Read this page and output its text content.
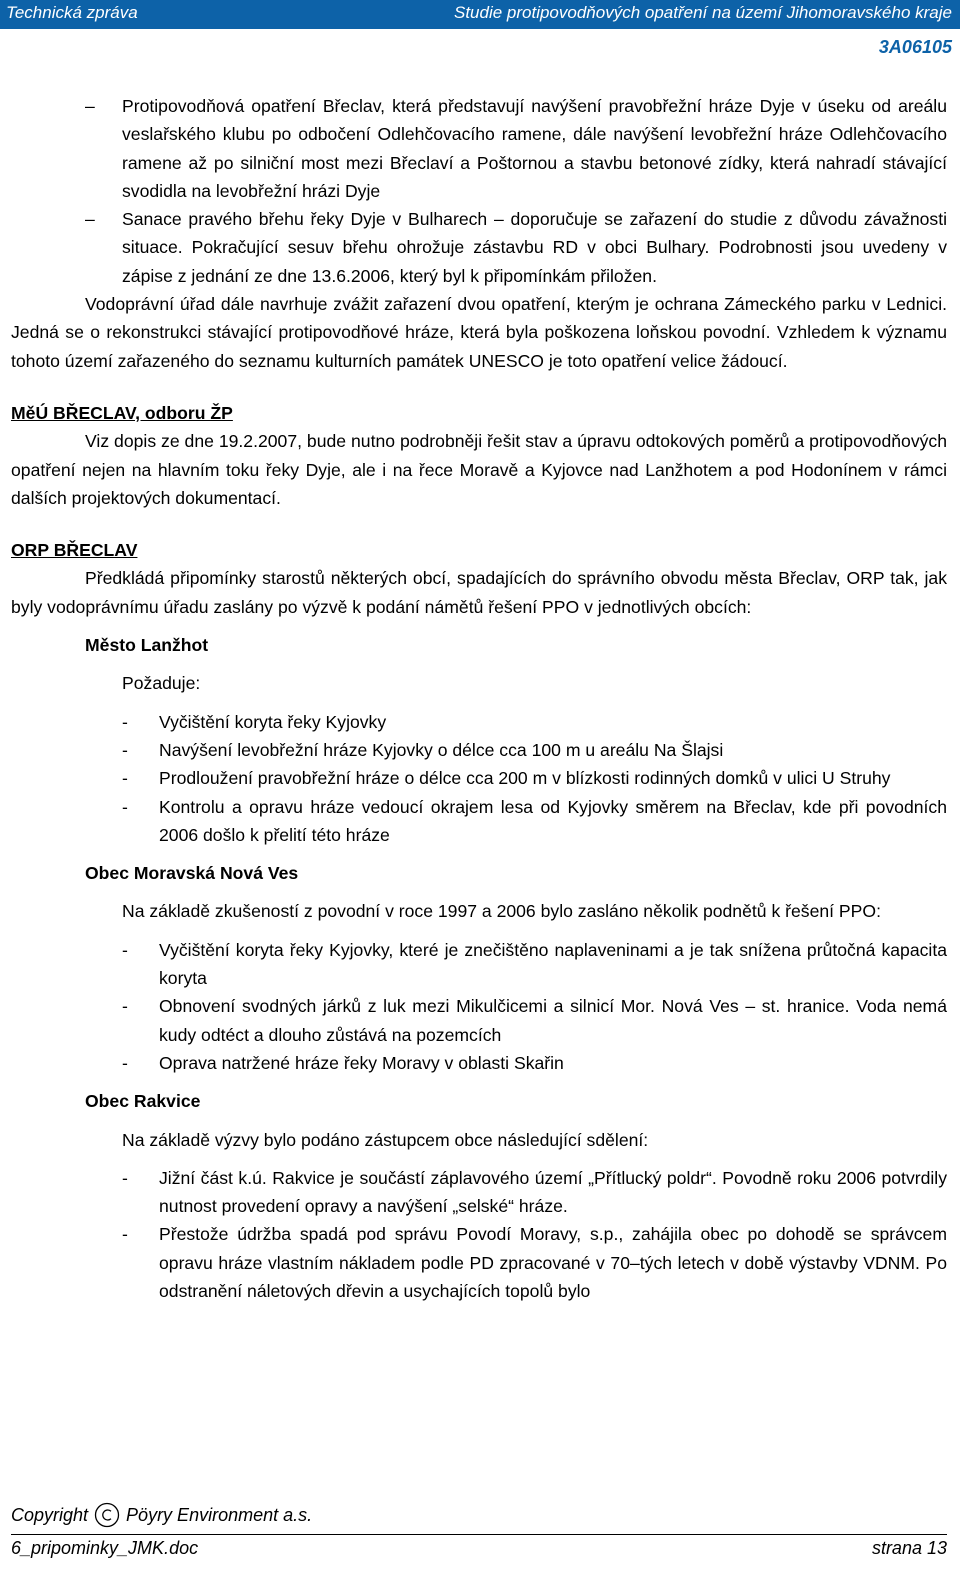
Technická zpráva	Studie protipovodňových opatření na území Jihomoravského kraje
3A06105
– Protipovodňová opatření Břeclav, která představují navýšení pravobřežní hráze Dyje v úseku od areálu veslařského klubu po odbočení Odlehčovacího ramene, dále navýšení levobřežní hráze Odlehčovacího ramene až po silniční most mezi Břeclaví a Poštornou a stavbu betonové zídky, která nahradí stávající svodidla na levobřežní hrázi Dyje
– Sanace pravého břehu řeky Dyje v Bulharech – doporučuje se zařazení do studie z důvodu závažnosti situace. Pokračující sesuv břehu ohrožuje zástavbu RD v obci Bulhary. Podrobnosti jsou uvedeny v zápise z jednání ze dne 13.6.2006, který byl k připomínkám přiložen.
Vodoprávní úřad dále navrhuje zvážit zařazení dvou opatření, kterým je ochrana Zámeckého parku v Lednici. Jedná se o rekonstrukci stávající protipovodňové hráze, která byla poškozena loňskou povodní. Vzhledem k významu tohoto území zařazeného do seznamu kulturních památek UNESCO je toto opatření velice žádoucí.
MěÚ BŘECLAV, odboru ŽP
Viz dopis ze dne 19.2.2007, bude nutno podrobněji řešit stav a úpravu odtokových poměrů a protipovodňových opatření nejen na hlavním toku řeky Dyje, ale i na řece Moravě a Kyjovce nad Lanžhotem a pod Hodonínem v rámci dalších projektových dokumentací.
ORP BŘECLAV
Předkládá připomínky starostů některých obcí, spadajících do správního obvodu města Břeclav, ORP tak, jak byly vodoprávnímu úřadu zaslány po výzvě k podání námětů řešení PPO v jednotlivých obcích:
Město Lanžhot
Požaduje:
- Vyčištění koryta řeky Kyjovky
- Navýšení levobřežní hráze Kyjovky o délce cca 100 m u areálu Na Šlajsi
- Prodloužení pravobřežní hráze o délce cca 200 m v blízkosti rodinných domků v ulici U Struhy
- Kontrolu a opravu hráze vedoucí okrajem lesa od Kyjovky směrem na Břeclav, kde při povodních 2006 došlo k přelití této hráze
Obec Moravská Nová Ves
Na základě zkušeností z povodní v roce 1997 a 2006 bylo zasláno několik podnětů k řešení PPO:
- Vyčištění koryta řeky Kyjovky, které je znečištěno naplaveninami a je tak snížena průtočná kapacita koryta
- Obnovení svodných járků z luk mezi Mikulčicemi a silnicí Mor. Nová Ves – st. hranice. Voda nemá kudy odtéct a dlouho zůstává na pozemcích
- Oprava natržené hráze řeky Moravy v oblasti Skařin
Obec Rakvice
Na základě výzvy bylo podáno zástupcem obce následující sdělení:
- Jižní část k.ú. Rakvice je součástí záplavového území „Přítlucký poldr“. Povodně roku 2006 potvrdily nutnost provedení opravy a navýšení „selské“ hráze.
- Přestože údržba spadá pod správu Povodí Moravy, s.p., zahájila obec po dohodě se správcem opravu hráze vlastním nákladem podle PD zpracované v 70–tých letech v době výstavby VDNM. Po odstranění náletových dřevin a usychajících topolů bylo
Copyright Pöyry Environment a.s.
6_pripominky_JMK.doc	strana 13
